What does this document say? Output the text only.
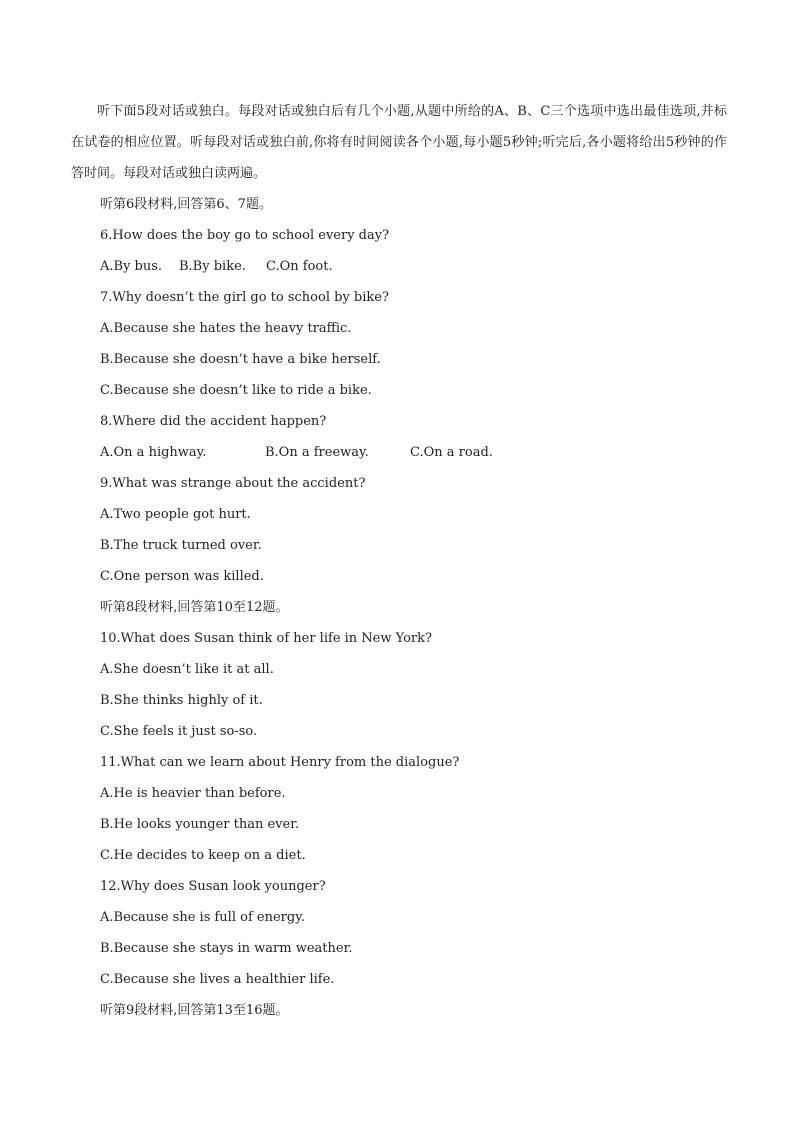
听下面5段对话或独白。每段对话或独白后有几个小题,从题中所给的A、B、C三个选项中选出最佳选项,并标在试卷的相应位置。听每段对话或独白前,你将有时间阅读各个小题,每小题5秒钟;听完后,各小题将给出5秒钟的作答时间。每段对话或独白读两遍。

听第6段材料,回答第6、7题。
6.How does the boy go to school every day?
A.By bus.	B.By bike.	C.On foot.
7.Why doesn’t the girl go to school by bike?
A.Because she hates the heavy traffic.
B.Because she doesn’t have a bike herself.
C.Because she doesn’t like to ride a bike.
8.Where did the accident happen?
A.On a highway.	B.On a freeway.	C.On a road.
9.What was strange about the accident?
A.Two people got hurt.
B.The truck turned over.
C.One person was killed.
听第8段材料,回答第10至12题。
10.What does Susan think of her life in New York?
A.She doesn’t like it at all.
B.She thinks highly of it.
C.She feels it just so-so.
11.What can we learn about Henry from the dialogue?
A.He is heavier than before.
B.He looks younger than ever.
C.He decides to keep on a diet.
12.Why does Susan look younger?
A.Because she is full of energy.
B.Because she stays in warm weather.
C.Because she lives a healthier life.
听第9段材料,回答第13至16题。
